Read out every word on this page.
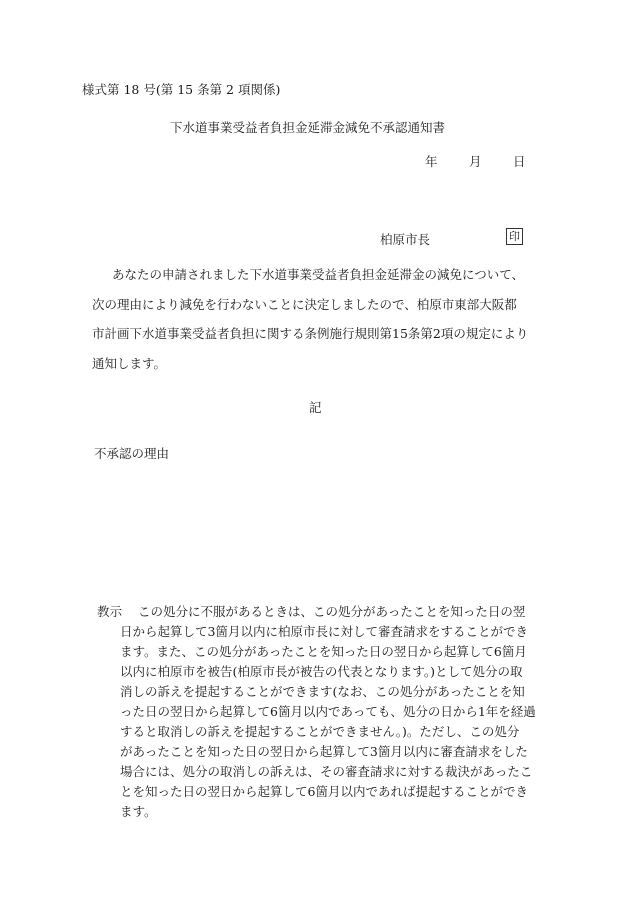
様式第 18 号(第 15 条第 2 項関係)
下水道事業受益者負担金延滞金減免不承認通知書
年	月	日
柏原市長	印
あなたの申請されました下水道事業受益者負担金延滞金の減免について、
次の理由により減免を行わないことに決定しましたので、柏原市東部大阪都
市計画下水道事業受益者負担に関する条例施行規則第15条第2項の規定により
通知します。
記
不承認の理由
教示	この処分に不服があるときは、この処分があったことを知った日の翌
日から起算して3箇月以内に柏原市長に対して審査請求をすることができ
ます。また、この処分があったことを知った日の翌日から起算して6箇月
以内に柏原市を被告(柏原市長が被告の代表となります。)として処分の取
消しの訴えを提起することができます(なお、この処分があったことを知
った日の翌日から起算して6箇月以内であっても、処分の日から1年を経過
すると取消しの訴えを提起することができません。)。ただし、この処分
があったことを知った日の翌日から起算して3箇月以内に審査請求をした
場合には、処分の取消しの訴えは、その審査請求に対する裁決があったこ
とを知った日の翌日から起算して6箇月以内であれば提起することができ
ます。
